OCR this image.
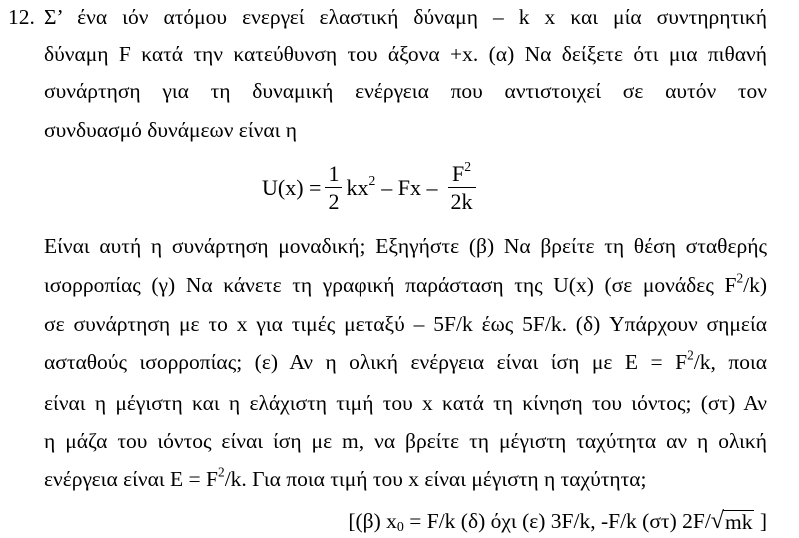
12. Σ’ ένα ιόν ατόμου ενεργεί ελαστική δύναμη – k x και μία συντηρητική
δύναμη F κατά την κατεύθυνση του άξονα +x. (α) Να δείξετε ότι μια πιθανή
συνάρτηση για τη δυναμική ενέργεια που αντιστοιχεί σε αυτόν τον
συνδυασμό δυνάμεων είναι η
$U(x) = \frac{1}{2} kx^2 - Fx - \frac{F^2}{2k}$
Είναι αυτή η συνάρτηση μοναδική; Εξηγήστε (β) Να βρείτε τη θέση σταθερής
ισορροπίας (γ) Να κάνετε τη γραφική παράσταση της U(x) (σε μονάδες $F^2/k$)
σε συνάρτηση με το x για τιμές μεταξύ – 5F/k έως 5F/k. (δ) Υπάρχουν σημεία
ασταθούς ισορροπίας; (ε) Αν η ολική ενέργεια είναι ίση με $E = F^2/k$, ποια
είναι η μέγιστη και η ελάχιστη τιμή του x κατά τη κίνηση του ιόντος; (στ) Αν
η μάζα του ιόντος είναι ίση με m, να βρείτε τη μέγιστη ταχύτητα αν η ολική
ενέργεια είναι $E = F^2/k$. Για ποια τιμή του x είναι μέγιστη η ταχύτητα;
[(β) $x_0 = F/k$ (δ) όχι (ε) 3F/k, -F/k (στ) 2F/ √ mk ]
